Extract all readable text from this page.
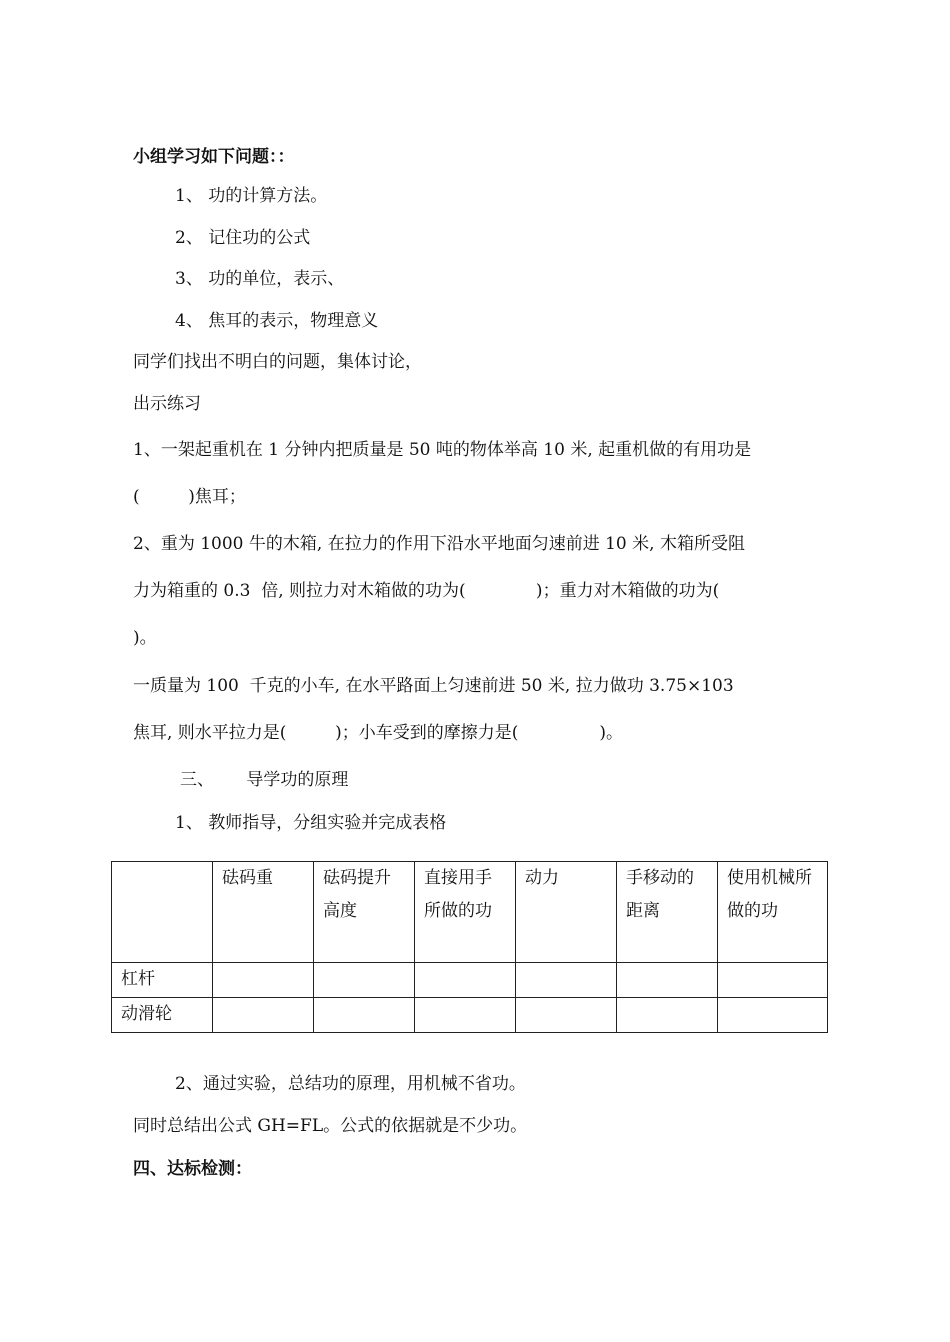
小组学习如下问题：：
1、 功的计算方法。
2、 记住功的公式
3、 功的单位，表示、
4、 焦耳的表示，物理意义
同学们找出不明白的问题，集体讨论，
出示练习
1、一架起重机在 1 分钟内把质量是 50 吨的物体举高 10 米, 起重机做的有用功是
(         )焦耳；
2、重为 1000 牛的木箱, 在拉力的作用下沿水平地面匀速前进 10 米, 木箱所受阻
力为箱重的 0.3  倍, 则拉力对木箱做的功为(             )；重力对木箱做的功为(
)。
一质量为 100  千克的小车, 在水平路面上匀速前进 50 米, 拉力做功 3.75×103
焦耳, 则水平拉力是(         )；小车受到的摩擦力是(               )。
三、      导学功的原理
1、 教师指导，分组实验并完成表格
	砝码重	砝码提升高度	直接用手所做的功	动力	手移动的距离	使用机械所做的功
杠杆						
动滑轮						
2、通过实验，总结功的原理，用机械不省功。
同时总结出公式 GH=FL。公式的依据就是不少功。
四、达标检测：
